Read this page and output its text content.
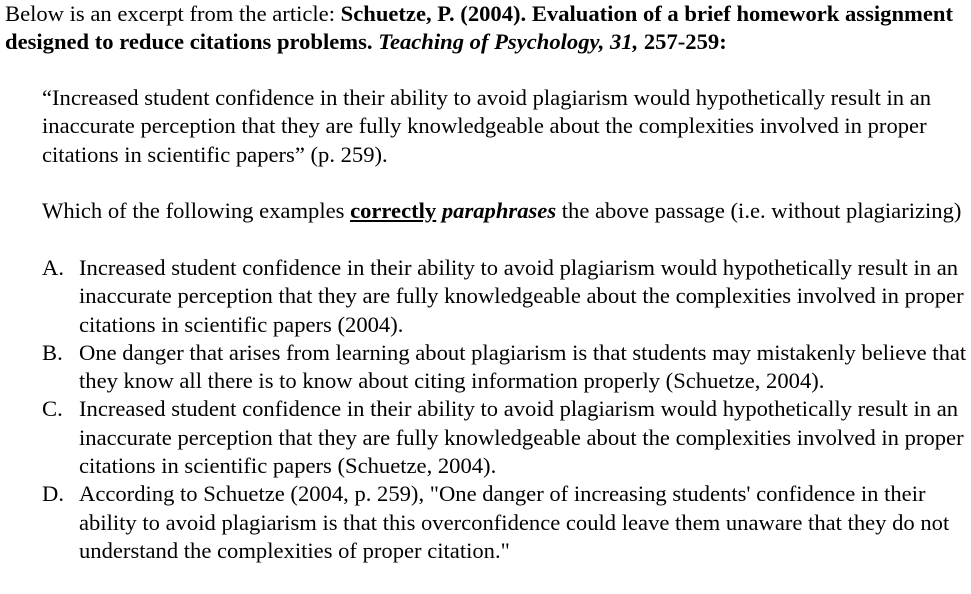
Below is an excerpt from the article: Schuetze, P. (2004). Evaluation of a brief homework assignment designed to reduce citations problems. Teaching of Psychology, 31, 257-259:

“Increased student confidence in their ability to avoid plagiarism would hypothetically result in an inaccurate perception that they are fully knowledgeable about the complexities involved in proper citations in scientific papers” (p. 259).

Which of the following examples correctly paraphrases the above passage (i.e. without plagiarizing)

A. Increased student confidence in their ability to avoid plagiarism would hypothetically result in an inaccurate perception that they are fully knowledgeable about the complexities involved in proper citations in scientific papers (2004).
B. One danger that arises from learning about plagiarism is that students may mistakenly believe that they know all there is to know about citing information properly (Schuetze, 2004).
C. Increased student confidence in their ability to avoid plagiarism would hypothetically result in an inaccurate perception that they are fully knowledgeable about the complexities involved in proper citations in scientific papers (Schuetze, 2004).
D. According to Schuetze (2004, p. 259), "One danger of increasing students' confidence in their ability to avoid plagiarism is that this overconfidence could leave them unaware that they do not understand the complexities of proper citation."
